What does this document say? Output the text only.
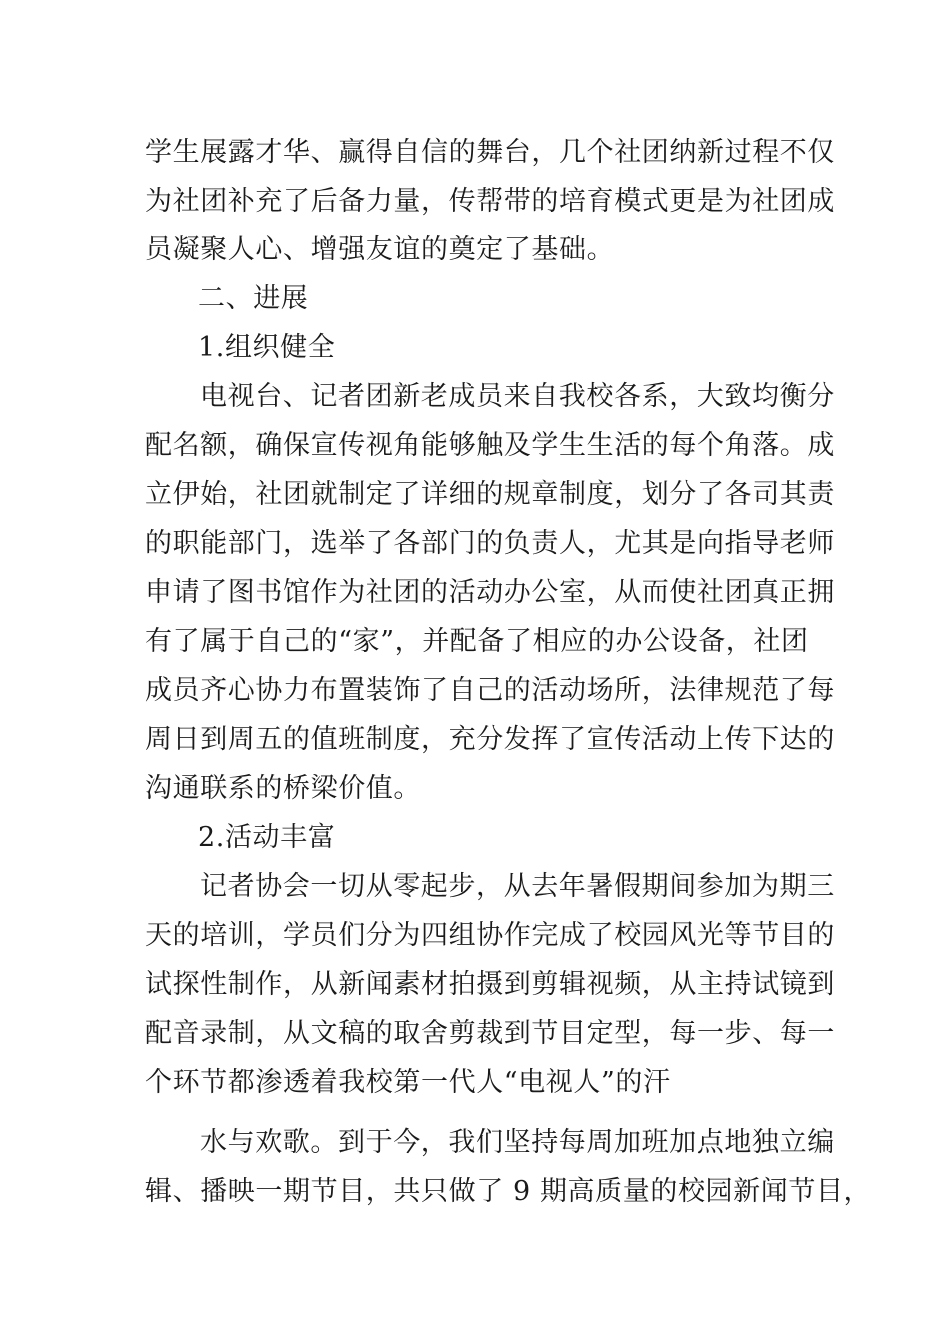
学生展露才华、赢得自信的舞台，几个社团纳新过程不仅
为社团补充了后备力量，传帮带的培育模式更是为社团成
员凝聚人心、增强友谊的奠定了基础。
二、进展
1.组织健全
电视台、记者团新老成员来自我校各系，大致均衡分
配名额，确保宣传视角能够触及学生生活的每个角落。成
立伊始，社团就制定了详细的规章制度，划分了各司其责
的职能部门，选举了各部门的负责人，尤其是向指导老师
申请了图书馆作为社团的活动办公室，从而使社团真正拥
有了属于自己的“家”，并配备了相应的办公设备，社团
成员齐心协力布置装饰了自己的活动场所，法律规范了每
周日到周五的值班制度，充分发挥了宣传活动上传下达的
沟通联系的桥梁价值。
2.活动丰富
记者协会一切从零起步，从去年暑假期间参加为期三
天的培训，学员们分为四组协作完成了校园风光等节目的
试探性制作，从新闻素材拍摄到剪辑视频，从主持试镜到
配音录制，从文稿的取舍剪裁到节目定型，每一步、每一
个环节都渗透着我校第一代人“电视人”的汗
水与欢歌。到于今，我们坚持每周加班加点地独立编
辑、播映一期节目，共只做了 9 期高质量的校园新闻节目，
